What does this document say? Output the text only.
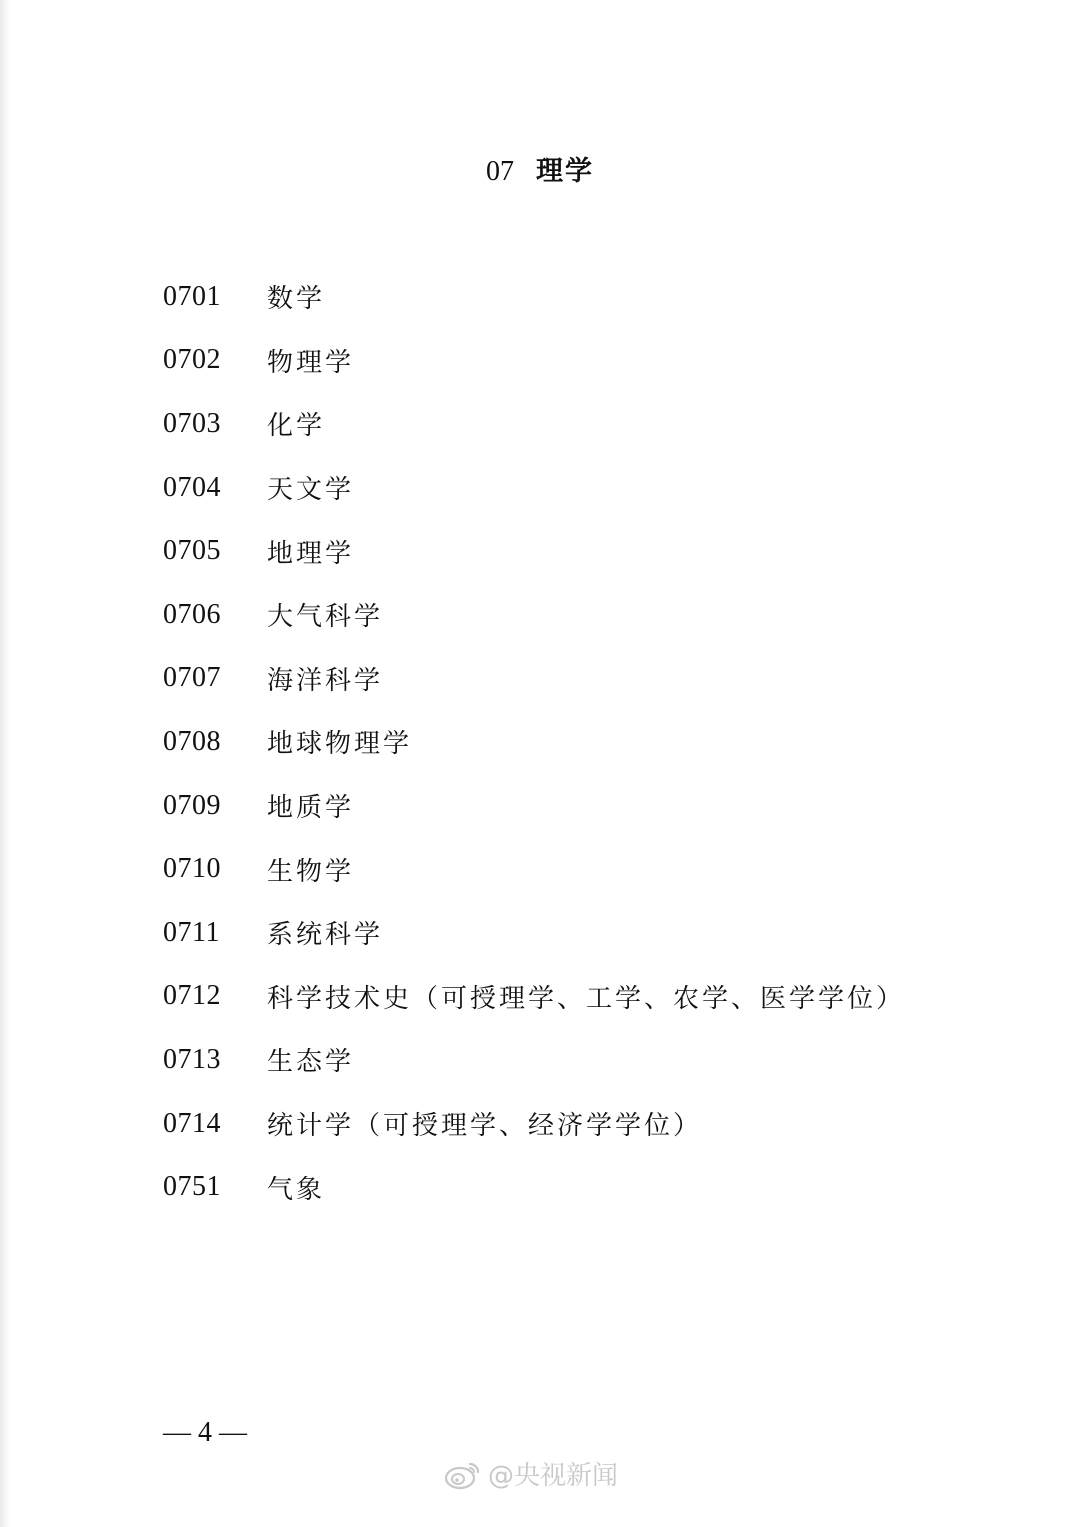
07 理学
0701	数学
0702	物理学
0703	化学
0704	天文学
0705	地理学
0706	大气科学
0707	海洋科学
0708	地球物理学
0709	地质学
0710	生物学
0711	系统科学
0712	科学技术史（可授理学、工学、农学、医学学位）
0713	生态学
0714	统计学（可授理学、经济学学位）
0751	气象
— 4 —
@央视新闻
